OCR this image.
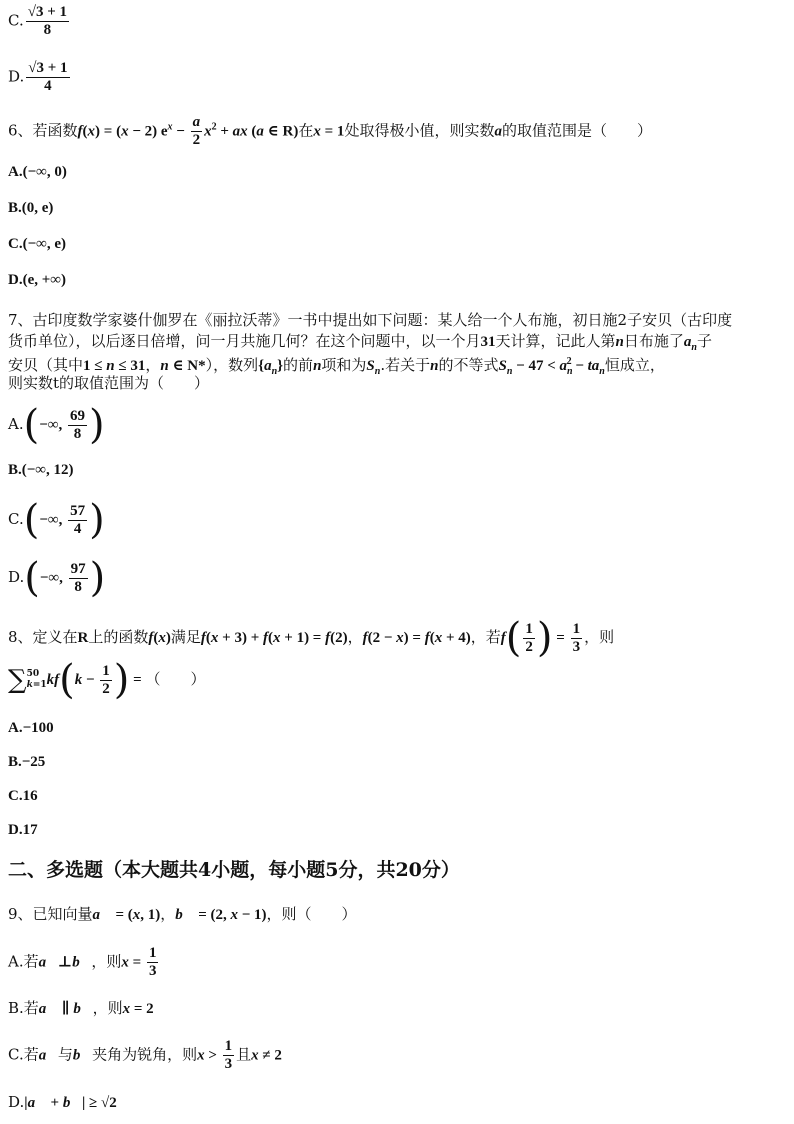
C. $\frac{√3 + 1}{8}$
D. $\frac{√3 + 1}{4}$
6、若函数f(x) = (x − 2) $e^x - \frac{a}{2} x^2$ + ax (a ∈ R)在x = 1处取得极小值，则实数a的取值范围是（　　）
A.(−∞, 0)
B.(0, e)
C.(−∞, e)
D.(e, +∞)
7、古印度数学家婆什伽罗在《丽拉沃蒂》一书中提出如下问题：某人给一个人布施，初日施2子安贝（古印度
货币单位），以后逐日倍增，问一月共施几何？在这个问题中，以一个月31天计算，记此人第n日布施了$a_n$子
安贝（其中1 ≤ n ≤ 31，n ∈ N*），数列$\{a_n\}$的前n项和为$S_n$.若关于n的不等式$S_n - 47 < a_n^2 - ta_n$恒成立，
则实数t的取值范围为（　　）
A.(−∞, $\frac{69}{8}$ )
B.(−∞, 12)
C.(−∞, $\frac{57}{4}$ )
D.(−∞, $\frac{97}{8}$ )
8、定义在R上的函数f(x)满足f(x + 3) + f(x + 1) = f(2)，f(2 − x) = f(x + 4)，若$f( \frac{1}{2}$ ) = $\frac{1}{3}$ ，则
∑ 50
k=1 $kf(k - \frac{1}{2}$ ) = （　　）
A.−100
B.−25
C.16
D.17
二、多选题（本大题共4小题，每小题5分，共20分）
9、已知向量a⃗ = (x, 1)，b⃗ = (2, x − 1)，则（　　）
A.若a⃗⊥b⃗，则$x = \frac{1}{3}$
B.若a⃗ ∥ b⃗，则x = 2
C.若a⃗与b⃗夹角为锐角，则$x > \frac{1}{3}$ 且x ≠ 2
D.|a⃗ + b⃗| ≥ √2
